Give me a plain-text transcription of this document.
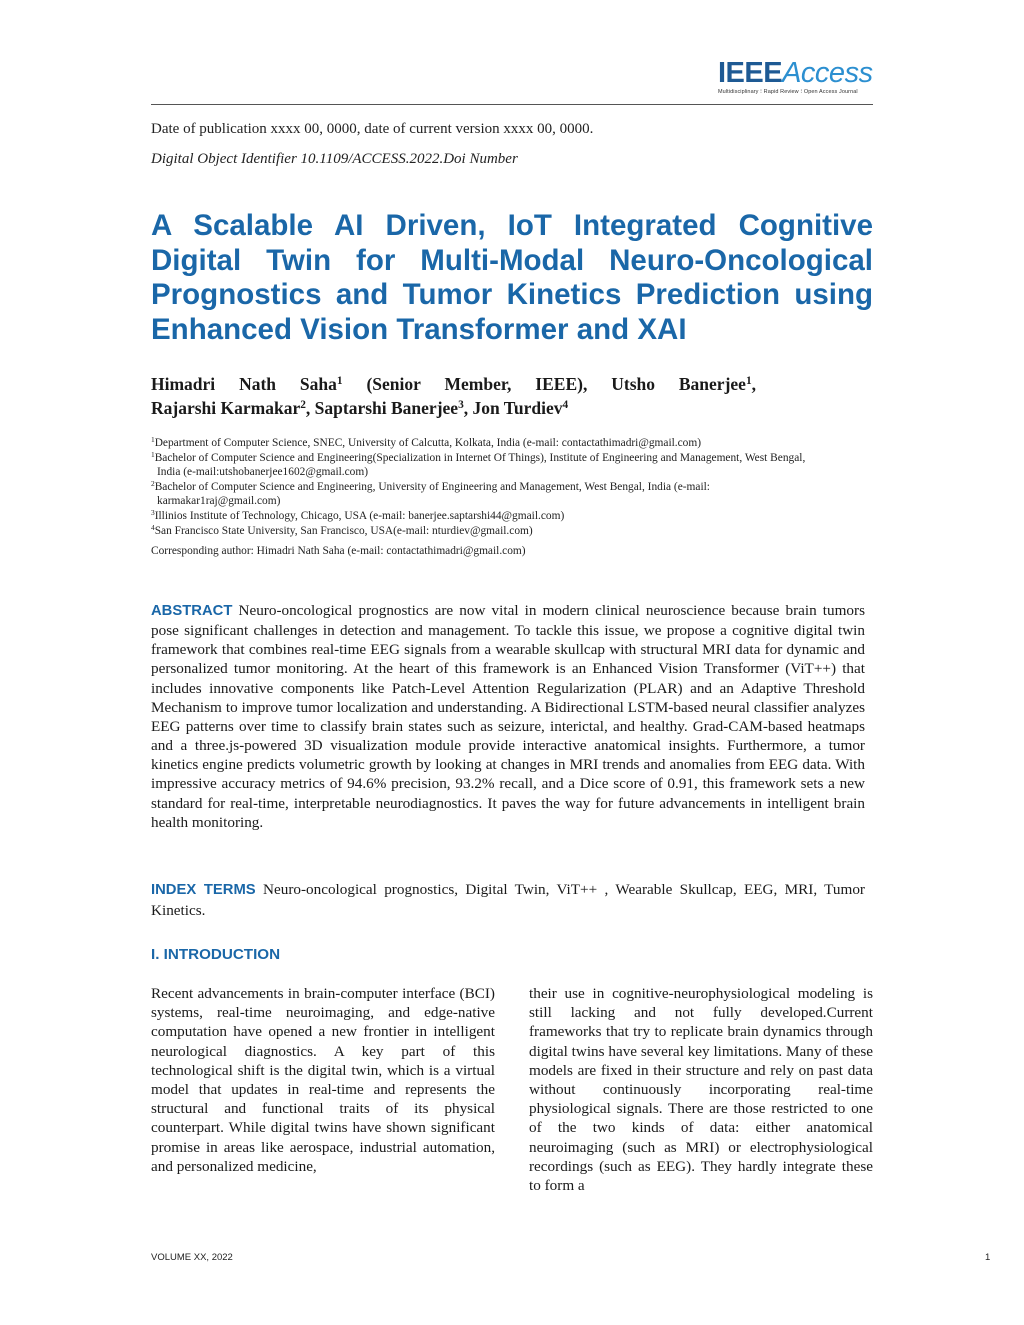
IEEEAccess
Multidisciplinary ⁝ Rapid Review ⁝ Open Access Journal
Date of publication xxxx 00, 0000, date of current version xxxx 00, 0000.
Digital Object Identifier 10.1109/ACCESS.2022.Doi Number
A Scalable AI Driven, IoT Integrated Cognitive
Digital Twin for Multi-Modal Neuro-Oncological
Prognostics and Tumor Kinetics Prediction using
Enhanced Vision Transformer and XAI
Himadri Nath Saha$^1$ (Senior Member, IEEE), Utsho Banerjee$^1$,
Rajarshi Karmakar$^2$, Saptarshi Banerjee$^3$, Jon Turdiev$^4$
$^1$Department of Computer Science, SNEC, University of Calcutta, Kolkata, India (e-mail: contactathimadri@gmail.com)
$^1$Bachelor of Computer Science and Engineering(Specialization in Internet Of Things), Institute of Engineering and Management, West Bengal,
India (e-mail:utshobanerjee1602@gmail.com)
$^2$Bachelor of Computer Science and Engineering, University of Engineering and Management, West Bengal, India (e-mail:
karmakar1raj@gmail.com)
$^3$Illinios Institute of Technology, Chicago, USA (e-mail: banerjee.saptarshi44@gmail.com)
$^4$San Francisco State University, San Francisco, USA(e-mail: nturdiev@gmail.com)
Corresponding author: Himadri Nath Saha (e-mail: contactathimadri@gmail.com)
ABSTRACT Neuro-oncological prognostics are now vital in modern clinical neuroscience because brain tumors pose significant challenges in detection and management. To tackle this issue, we propose a cognitive digital twin framework that combines real-time EEG signals from a wearable skullcap with structural MRI data for dynamic and personalized tumor monitoring. At the heart of this framework is an Enhanced Vision Transformer (ViT++) that includes innovative components like Patch-Level Attention Regularization (PLAR) and an Adaptive Threshold Mechanism to improve tumor localization and understanding. A Bidirectional LSTM-based neural classifier analyzes EEG patterns over time to classify brain states such as seizure, interictal, and healthy. Grad-CAM-based heatmaps and a three.js-powered 3D visualization module provide interactive anatomical insights. Furthermore, a tumor kinetics engine predicts volumetric growth by looking at changes in MRI trends and anomalies from EEG data. With impressive accuracy metrics of 94.6% precision, 93.2% recall, and a Dice score of 0.91, this framework sets a new standard for real-time, interpretable neurodiagnostics. It paves the way for future advancements in intelligent brain health monitoring.
INDEX TERMS Neuro-oncological prognostics, Digital Twin, ViT++ , Wearable Skullcap, EEG, MRI, Tumor Kinetics.
I. INTRODUCTION
Recent advancements in brain-computer interface (BCI) systems, real-time neuroimaging, and edge-native computation have opened a new frontier in intelligent neurological diagnostics. A key part of this technological shift is the digital twin, which is a virtual model that updates in real-time and represents the structural and functional traits of its physical counterpart. While digital twins have shown significant promise in areas like aerospace, industrial automation, and personalized medicine,
their use in cognitive-neurophysiological modeling is still lacking and not fully developed.Current frameworks that try to replicate brain dynamics through digital twins have several key limitations. Many of these models are fixed in their structure and rely on past data without continuously incorporating real-time physiological signals. There are those restricted to one of the two kinds of data: either anatomical neuroimaging (such as MRI) or electrophysiological recordings (such as EEG). They hardly integrate these to form a
VOLUME XX, 2022	1
